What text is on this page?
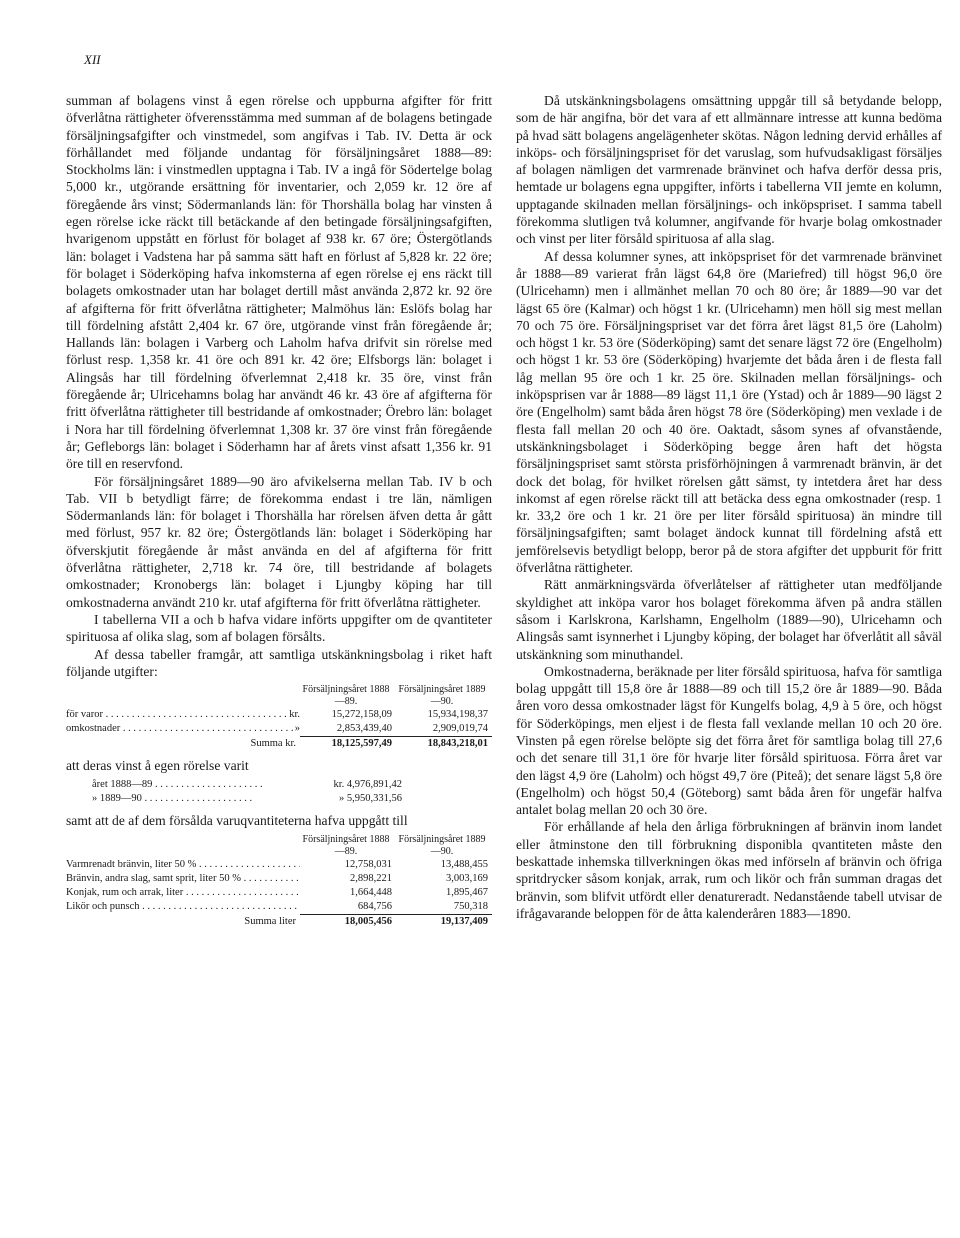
XII

summan af bolagens vinst å egen rörelse och uppburna afgifter för fritt öfverlåtna rättigheter öfverensstämma med summan af de bolagens betingade försäljningsafgifter och vinstmedel, som angifvas i Tab. IV. Detta är ock förhållandet med följande undantag för försäljningsåret 1888—89: Stockholms län: i vinstmedlen upptagna i Tab. IV a ingå för Södertelge bolag 5,000 kr., utgörande ersättning för inventarier, och 2,059 kr. 12 öre af föregående års vinst; Södermanlands län: för Thorshälla bolag har vinsten å egen rörelse icke räckt till betäckande af den betingade försäljningsafgiften, hvarigenom uppstått en förlust för bolaget af 938 kr. 67 öre; Östergötlands län: bolaget i Vadstena har på samma sätt haft en förlust af 5,828 kr. 22 öre; för bolaget i Söderköping hafva inkomsterna af egen rörelse ej ens räckt till bolagets omkostnader utan har bolaget dertill måst använda 2,872 kr. 92 öre af afgifterna för fritt öfverlåtna rättigheter; Malmöhus län: Eslöfs bolag har till fördelning afstått 2,404 kr. 67 öre, utgörande vinst från föregående år; Hallands län: bolagen i Varberg och Laholm hafva drifvit sin rörelse med förlust resp. 1,358 kr. 41 öre och 891 kr. 42 öre; Elfsborgs län: bolaget i Alingsås har till fördelning öfverlemnat 2,418 kr. 35 öre, vinst från föregående år; Ulricehamns bolag har användt 46 kr. 43 öre af afgifterna för fritt öfverlåtna rättigheter till bestridande af omkostnader; Örebro län: bolaget i Nora har till fördelning öfverlemnat 1,308 kr. 37 öre vinst från föregående år; Gefleborgs län: bolaget i Söderhamn har af årets vinst afsatt 1,356 kr. 91 öre till en reservfond.

För försäljningsåret 1889—90 äro afvikelserna mellan Tab. IV b och Tab. VII b betydligt färre; de förekomma endast i tre län, nämligen Södermanlands län: för bolaget i Thorshälla har rörelsen äfven detta år gått med förlust, 957 kr. 82 öre; Östergötlands län: bolaget i Söderköping har öfverskjutit föregående år måst använda en del af afgifterna för fritt öfverlåtna rättigheter, 2,718 kr. 74 öre, till bestridande af bolagets omkostnader; Kronobergs län: bolaget i Ljungby köping har till omkostnaderna användt 210 kr. utaf afgifterna för fritt öfverlåtna rättigheter.

I tabellerna VII a och b hafva vidare införts uppgifter om de qvantiteter spirituosa af olika slag, som af bolagen försålts.

Af dessa tabeller framgår, att samtliga utskänkningsbolag i riket haft följande utgifter:

Försäljningsåret 1888—89.
Försäljningsåret 1889—90.
för varor . . .	kr.	15,272,158,09	15,934,198,37
omkostnader . . .	»	2,853,439,40	2,909,019,74
Summa kr.	18,125,597,49	18,843,218,01

att deras vinst å egen rörelse varit

året 1888—89 . . .	kr. 4,976,891,42
» 1889—90 . . .	» 5,950,331,56

samt att de af dem försålda varuqvantiteterna hafva uppgått till

Försäljningsåret 1888—89.
Försäljningsåret 1889—90.
Varmrenadt bränvin, liter 50 % . . .	12,758,031	13,488,455
Bränvin, andra slag, samt sprit, liter 50 % . . .	2,898,221	3,003,169
Konjak, rum och arrak, liter . . .	1,664,448	1,895,467
Likör och punsch . . .	684,756	750,318
Summa liter	18,005,456	19,137,409

Då utskänkningsbolagens omsättning uppgår till så betydande belopp, som de här angifna, bör det vara af ett allmännare intresse att kunna bedöma på hvad sätt bolagens angelägenheter skötas. Någon ledning dervid erhålles af inköps- och försäljningspriset för det varuslag, som hufvudsakligast försäljes af bolagen nämligen det varmrenade bränvinet och hafva derför dessa pris, hemtade ur bolagens egna uppgifter, införts i tabellerna VII jemte en kolumn, upptagande skilnaden mellan försäljnings- och inköpspriset. I samma tabell förekomma slutligen två kolumner, angifvande för hvarje bolag omkostnader och vinst per liter försåld spirituosa af alla slag.

Af dessa kolumner synes, att inköpspriset för det varmrenade bränvinet år 1888—89 varierat från lägst 64,8 öre (Mariefred) till högst 96,0 öre (Ulricehamn) men i allmänhet mellan 70 och 80 öre; år 1889—90 var det lägst 65 öre (Kalmar) och högst 1 kr. (Ulricehamn) men höll sig mest mellan 70 och 75 öre. Försäljningspriset var det förra året lägst 81,5 öre (Laholm) och högst 1 kr. 53 öre (Söderköping) samt det senare lägst 72 öre (Engelholm) och högst 1 kr. 53 öre (Söderköping) hvarjemte det båda åren i de flesta fall låg mellan 95 öre och 1 kr. 25 öre. Skilnaden mellan försäljnings- och inköpsprisen var år 1888—89 lägst 11,1 öre (Ystad) och år 1889—90 lägst 2 öre (Engelholm) samt båda åren högst 78 öre (Söderköping) men vexlade i de flesta fall mellan 20 och 40 öre. Oaktadt, såsom synes af ofvanstående, utskänkningsbolaget i Söderköping begge åren haft det högsta försäljningspriset samt största prisförhöjningen å varmrenadt bränvin, är det dock det bolag, för hvilket rörelsen gått sämst, ty intetdera året har dess inkomst af egen rörelse räckt till att betäcka dess egna omkostnader (resp. 1 kr. 33,2 öre och 1 kr. 21 öre per liter försåld spirituosa) än mindre till försäljningsafgiften; samt bolaget ändock kunnat till fördelning afstå ett jemförelsevis betydligt belopp, beror på de stora afgifter det uppburit för fritt öfverlåtna rättigheter.

Rätt anmärkningsvärda öfverlåtelser af rättigheter utan medföljande skyldighet att inköpa varor hos bolaget förekomma äfven på andra ställen såsom i Karlskrona, Karlshamn, Engelholm (1889—90), Ulricehamn och Alingsås samt isynnerhet i Ljungby köping, der bolaget har öfverlåtit all såväl utskänkning som minuthandel.

Omkostnaderna, beräknade per liter försåld spirituosa, hafva för samtliga bolag uppgått till 15,8 öre år 1888—89 och till 15,2 öre år 1889—90. Båda åren voro dessa omkostnader lägst för Kungelfs bolag, 4,9 à 5 öre, och högst för Söderköpings, men eljest i de flesta fall vexlande mellan 10 och 20 öre. Vinsten på egen rörelse belöpte sig det förra året för samtliga bolag till 27,6 och det senare till 31,1 öre för hvarje liter försåld spirituosa. Förra året var den lägst 4,9 öre (Laholm) och högst 49,7 öre (Piteå); det senare lägst 5,8 öre (Engelholm) och högst 50,4 (Göteborg) samt båda åren för ungefär halfva antalet bolag mellan 20 och 30 öre.

För erhållande af hela den årliga förbrukningen af bränvin inom landet eller åtminstone den till förbrukning disponibla qvantiteten måste den beskattade inhemska tillverkningen ökas med införseln af bränvin och öfriga spritdrycker såsom konjak, arrak, rum och likör och från summan dragas det bränvin, som blifvit utfördt eller denatureradt. Nedanstående tabell utvisar de ifrågavarande beloppen för de åtta kalenderåren 1883—1890.
